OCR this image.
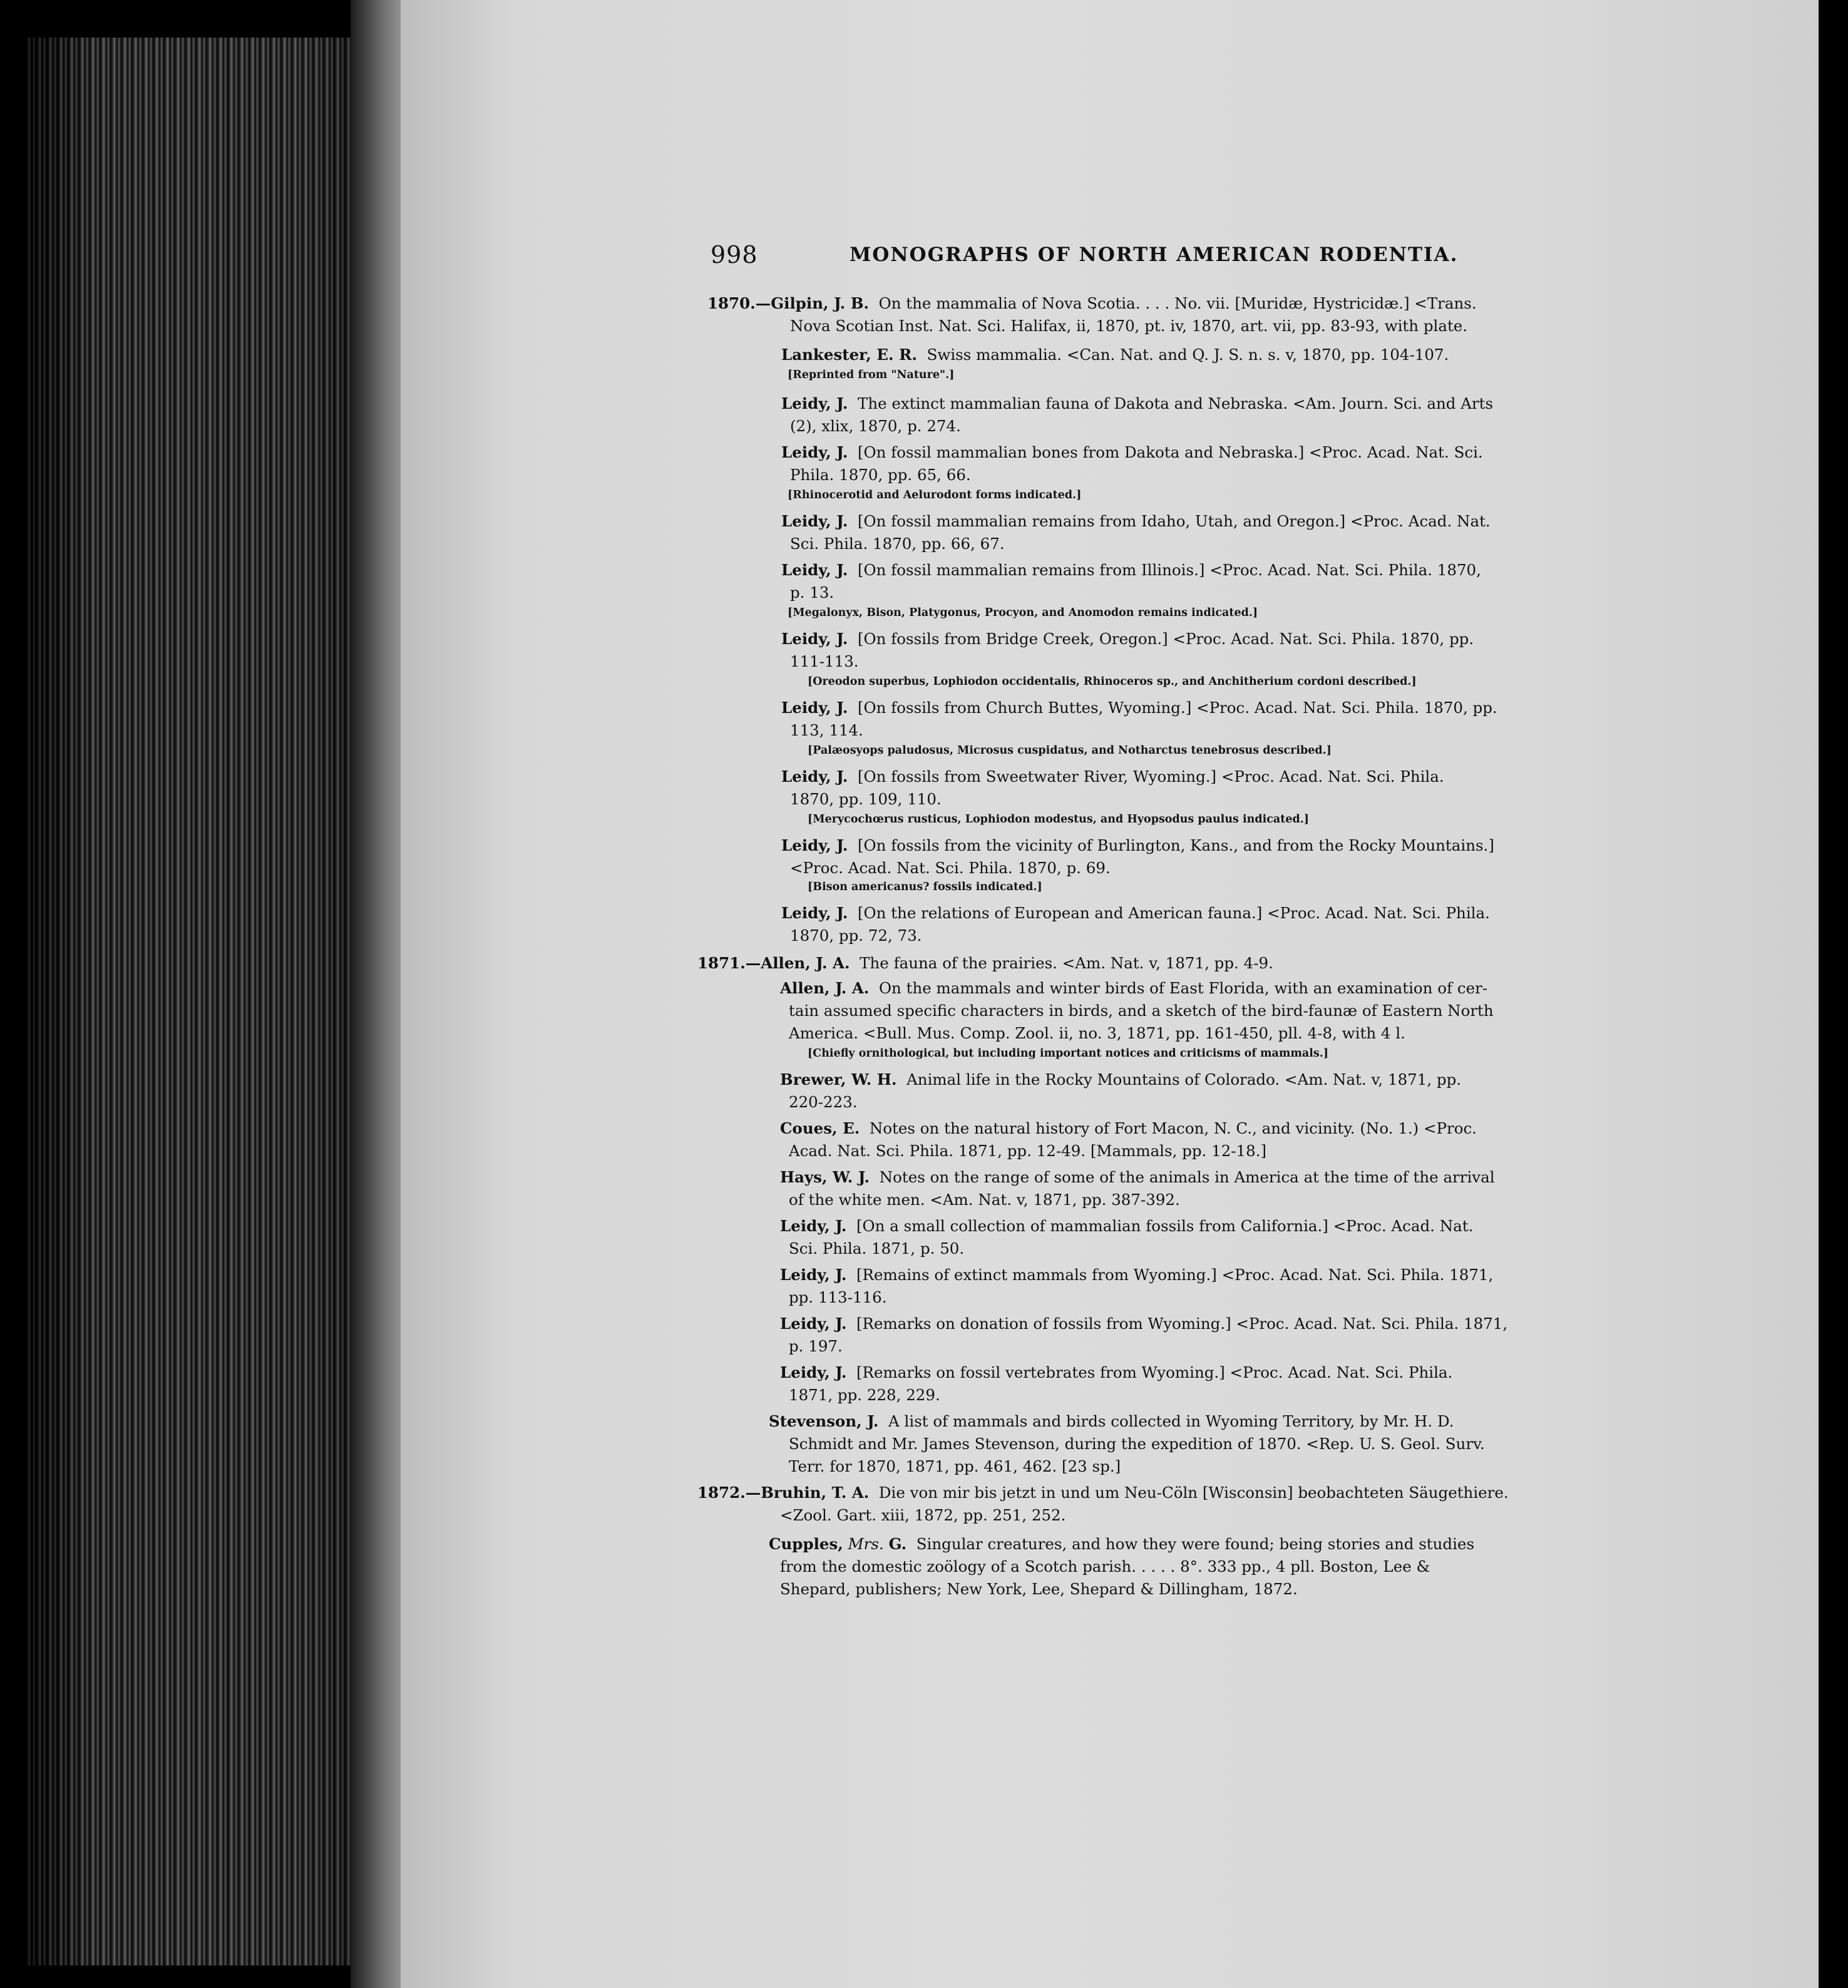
998	MONOGRAPHS OF NORTH AMERICAN RODENTIA.
1870.—Gilpin, J. B. On the mammalia of Nova Scotia. . . . No. vii. [Muridæ, Hystricidæ.] <Trans.
Nova Scotian Inst. Nat. Sci. Halifax, ii, 1870, pt. iv, 1870, art. vii, pp. 83-93, with plate.
Lankester, E. R. Swiss mammalia. <Can. Nat. and Q. J. S. n. s. v, 1870, pp. 104-107.
[Reprinted from "Nature".]
Leidy, J. The extinct mammalian fauna of Dakota and Nebraska. <Am. Journ. Sci. and Arts
(2), xlix, 1870, p. 274.
Leidy, J. [On fossil mammalian bones from Dakota and Nebraska.] <Proc. Acad. Nat. Sci.
Phila. 1870, pp. 65, 66.
[Rhinocerotid and Aelurodont forms indicated.]
Leidy, J. [On fossil mammalian remains from Idaho, Utah, and Oregon.] <Proc. Acad. Nat.
Sci. Phila. 1870, pp. 66, 67.
Leidy, J. [On fossil mammalian remains from Illinois.] <Proc. Acad. Nat. Sci. Phila. 1870,
p. 13.
[Megalonyx, Bison, Platygonus, Procyon, and Anomodon remains indicated.]
Leidy, J. [On fossils from Bridge Creek, Oregon.] <Proc. Acad. Nat. Sci. Phila. 1870, pp.
111-113.
[Oreodon superbus, Lophiodon occidentalis, Rhinoceros sp., and Anchitherium cordoni described.]
Leidy, J. [On fossils from Church Buttes, Wyoming.] <Proc. Acad. Nat. Sci. Phila. 1870, pp.
113, 114.
[Palæosyops paludosus, Microsus cuspidatus, and Notharctus tenebrosus described.]
Leidy, J. [On fossils from Sweetwater River, Wyoming.] <Proc. Acad. Nat. Sci. Phila.
1870, pp. 109, 110.
[Merycochœrus rusticus, Lophiodon modestus, and Hyopsodus paulus indicated.]
Leidy, J. [On fossils from the vicinity of Burlington, Kans., and from the Rocky Mountains.]
<Proc. Acad. Nat. Sci. Phila. 1870, p. 69.
[Bison americanus? fossils indicated.]
Leidy, J. [On the relations of European and American fauna.] <Proc. Acad. Nat. Sci. Phila.
1870, pp. 72, 73.
1871.—Allen, J. A. The fauna of the prairies. <Am. Nat. v, 1871, pp. 4-9.
Allen, J. A. On the mammals and winter birds of East Florida, with an examination of cer-
tain assumed specific characters in birds, and a sketch of the bird-faunæ of Eastern North
America. <Bull. Mus. Comp. Zool. ii, no. 3, 1871, pp. 161-450, pll. 4-8, with 4 l.
[Chiefly ornithological, but including important notices and criticisms of mammals.]
Brewer, W. H. Animal life in the Rocky Mountains of Colorado. <Am. Nat. v, 1871, pp.
220-223.
Coues, E. Notes on the natural history of Fort Macon, N. C., and vicinity. (No. 1.) <Proc.
Acad. Nat. Sci. Phila. 1871, pp. 12-49. [Mammals, pp. 12-18.]
Hays, W. J. Notes on the range of some of the animals in America at the time of the arrival
of the white men. <Am. Nat. v, 1871, pp. 387-392.
Leidy, J. [On a small collection of mammalian fossils from California.] <Proc. Acad. Nat.
Sci. Phila. 1871, p. 50.
Leidy, J. [Remains of extinct mammals from Wyoming.] <Proc. Acad. Nat. Sci. Phila. 1871,
pp. 113-116.
Leidy, J. [Remarks on donation of fossils from Wyoming.] <Proc. Acad. Nat. Sci. Phila. 1871,
p. 197.
Leidy, J. [Remarks on fossil vertebrates from Wyoming.] <Proc. Acad. Nat. Sci. Phila.
1871, pp. 228, 229.
Stevenson, J. A list of mammals and birds collected in Wyoming Territory, by Mr. H. D.
Schmidt and Mr. James Stevenson, during the expedition of 1870. <Rep. U. S. Geol. Surv.
Terr. for 1870, 1871, pp. 461, 462. [23 sp.]
1872.—Bruhin, T. A. Die von mir bis jetzt in und um Neu-Cöln [Wisconsin] beobachteten Säugethiere.
<Zool. Gart. xiii, 1872, pp. 251, 252.
Cupples, Mrs. G. Singular creatures, and how they were found; being stories and studies
from the domestic zoölogy of a Scotch parish. . . . . 8°. 333 pp., 4 pll. Boston, Lee &
Shepard, publishers; New York, Lee, Shepard & Dillingham, 1872.
